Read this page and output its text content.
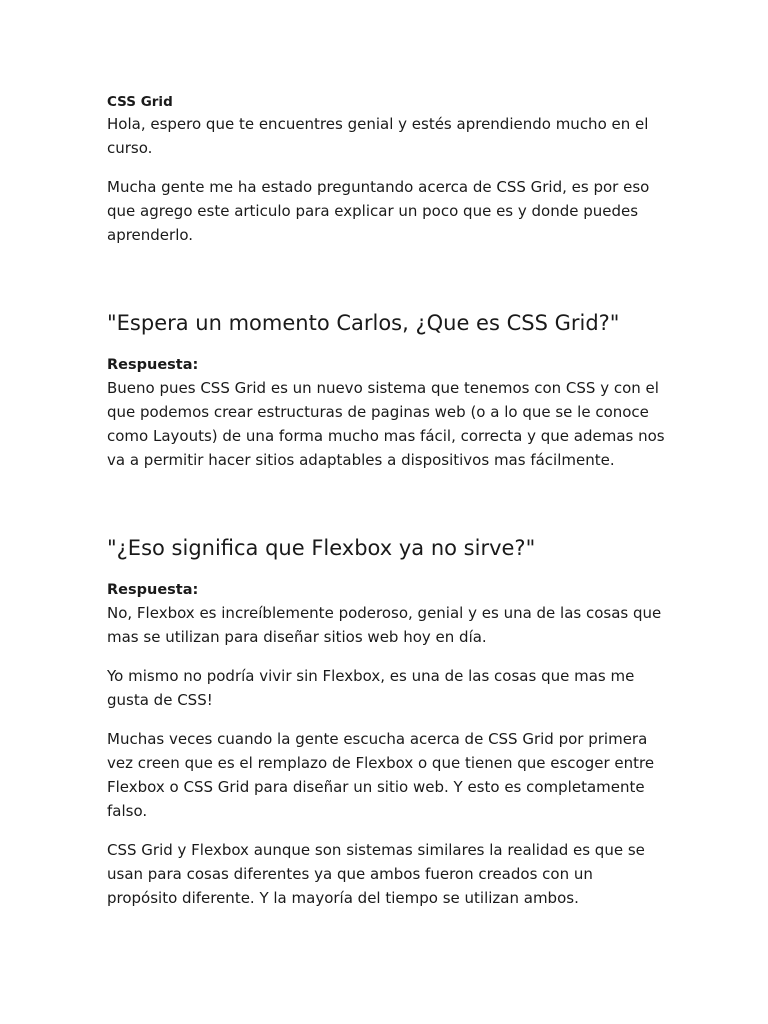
CSS Grid

Hola, espero que te encuentres genial y estés aprendiendo mucho en el curso.

Mucha gente me ha estado preguntando acerca de CSS Grid, es por eso que agrego este articulo para explicar un poco que es y donde puedes aprenderlo.

"Espera un momento Carlos, ¿Que es CSS Grid?"
Respuesta:

Bueno pues CSS Grid es un nuevo sistema que tenemos con CSS y con el que podemos crear estructuras de paginas web (o a lo que se le conoce como Layouts) de una forma mucho mas fácil, correcta y que ademas nos va a permitir hacer sitios adaptables a dispositivos mas fácilmente.

"¿Eso significa que Flexbox ya no sirve?"
Respuesta:

No, Flexbox es increíblemente poderoso, genial y es una de las cosas que mas se utilizan para diseñar sitios web hoy en día.

Yo mismo no podría vivir sin Flexbox, es una de las cosas que mas me gusta de CSS!

Muchas veces cuando la gente escucha acerca de CSS Grid por primera vez creen que es el remplazo de Flexbox o que tienen que escoger entre Flexbox o CSS Grid para diseñar un sitio web. Y esto es completamente falso.

CSS Grid y Flexbox aunque son sistemas similares la realidad es que se usan para cosas diferentes ya que ambos fueron creados con un propósito diferente. Y la mayoría del tiempo se utilizan ambos.
